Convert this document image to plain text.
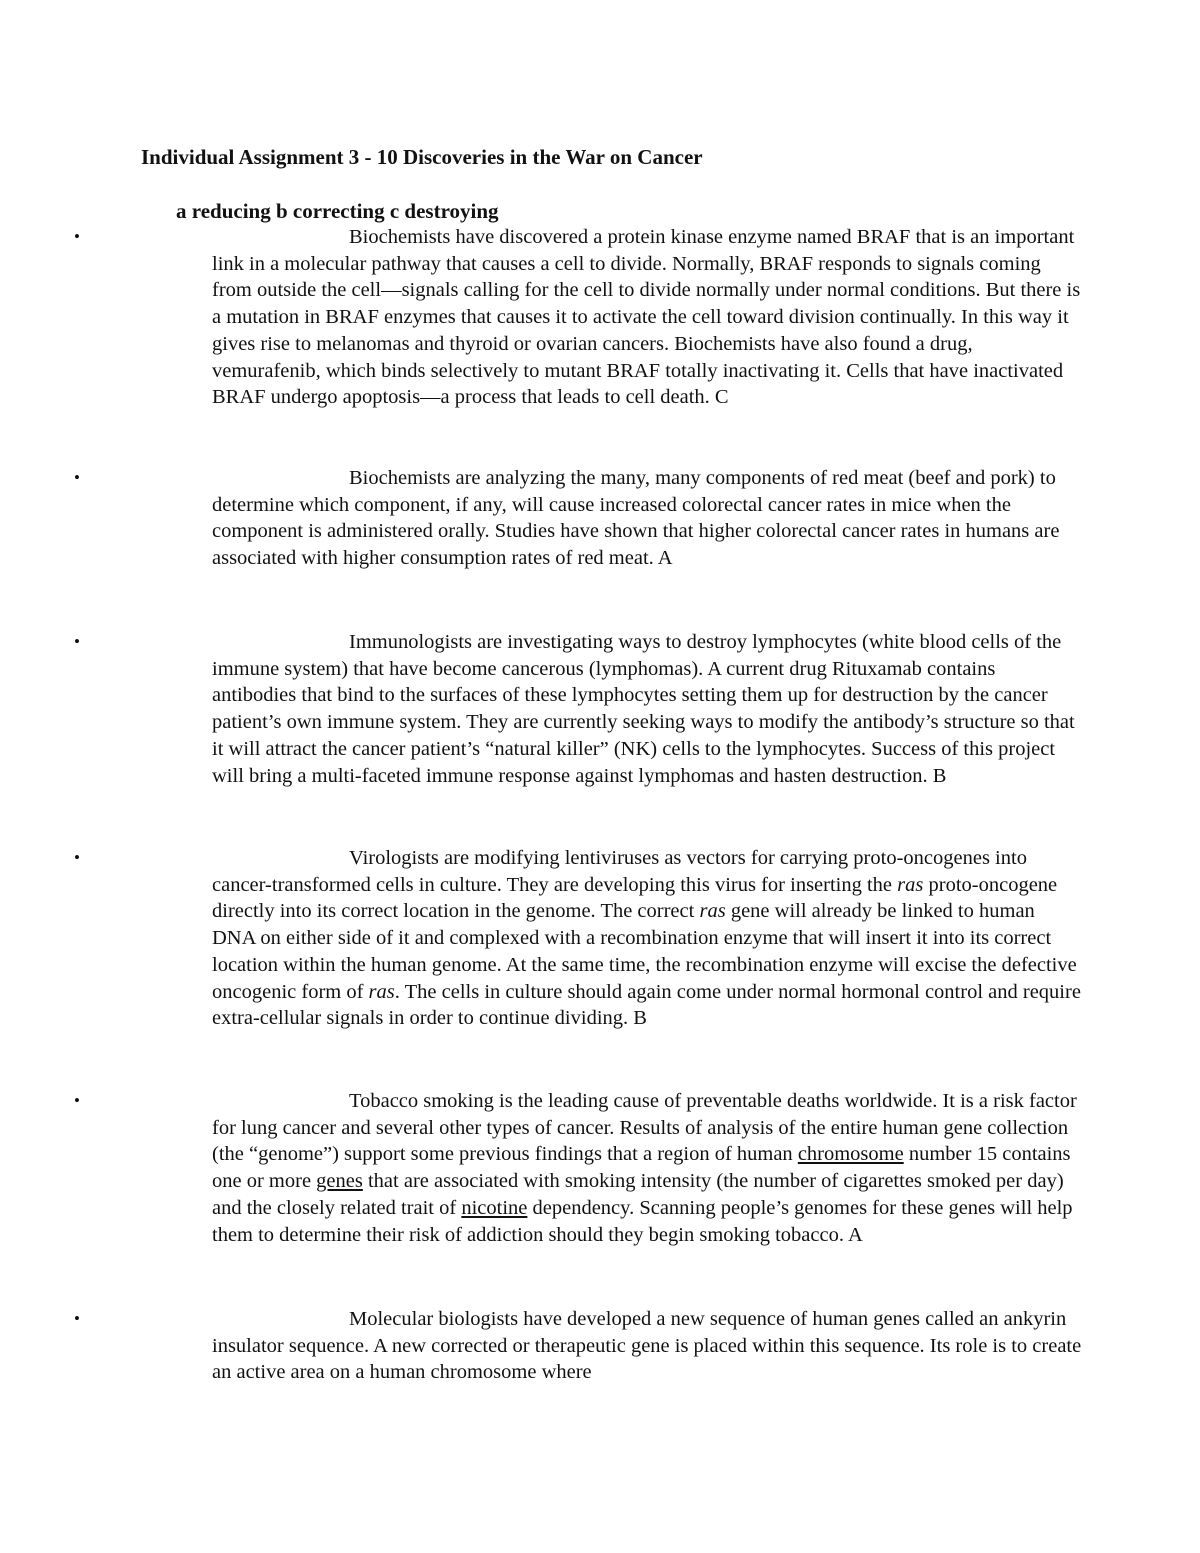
Individual Assignment 3 - 10 Discoveries in the War on Cancer
a reducing b correcting c destroying
•	Biochemists have discovered a protein kinase enzyme named BRAF that is an important link in a molecular pathway that causes a cell to divide. Normally, BRAF responds to signals coming from outside the cell—signals calling for the cell to divide normally under normal conditions. But there is a mutation in BRAF enzymes that causes it to activate the cell toward division continually. In this way it gives rise to melanomas and thyroid or ovarian cancers. Biochemists have also found a drug, vemurafenib, which binds selectively to mutant BRAF totally inactivating it. Cells that have inactivated BRAF undergo apoptosis—a process that leads to cell death. C
•	Biochemists are analyzing the many, many components of red meat (beef and pork) to determine which component, if any, will cause increased colorectal cancer rates in mice when the component is administered orally. Studies have shown that higher colorectal cancer rates in humans are associated with higher consumption rates of red meat. A
•	Immunologists are investigating ways to destroy lymphocytes (white blood cells of the immune system) that have become cancerous (lymphomas). A current drug Rituxamab contains antibodies that bind to the surfaces of these lymphocytes setting them up for destruction by the cancer patient’s own immune system. They are currently seeking ways to modify the antibody’s structure so that it will attract the cancer patient’s “natural killer” (NK) cells to the lymphocytes. Success of this project will bring a multi-faceted immune response against lymphomas and hasten destruction. B
•	Virologists are modifying lentiviruses as vectors for carrying proto-oncogenes into cancer-transformed cells in culture. They are developing this virus for inserting the ras proto-oncogene directly into its correct location in the genome. The correct ras gene will already be linked to human DNA on either side of it and complexed with a recombination enzyme that will insert it into its correct location within the human genome. At the same time, the recombination enzyme will excise the defective oncogenic form of ras. The cells in culture should again come under normal hormonal control and require extra-cellular signals in order to continue dividing. B
•	Tobacco smoking is the leading cause of preventable deaths worldwide. It is a risk factor for lung cancer and several other types of cancer. Results of analysis of the entire human gene collection (the “genome”) support some previous findings that a region of human chromosome number 15 contains one or more genes that are associated with smoking intensity (the number of cigarettes smoked per day) and the closely related trait of nicotine dependency. Scanning people’s genomes for these genes will help them to determine their risk of addiction should they begin smoking tobacco. A
•	Molecular biologists have developed a new sequence of human genes called an ankyrin insulator sequence. A new corrected or therapeutic gene is placed within this sequence. Its role is to create an active area on a human chromosome where
